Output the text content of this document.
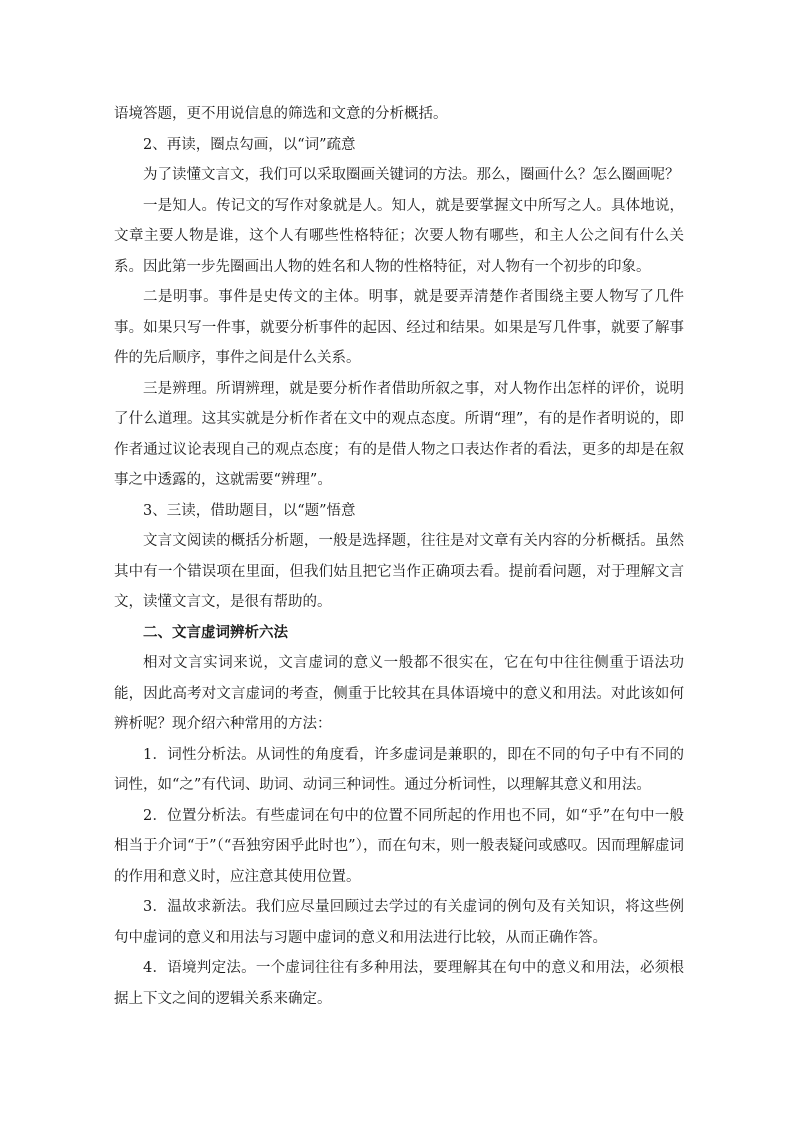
语境答题，更不用说信息的筛选和文意的分析概括。

2、再读，圈点勾画，以“词”疏意

为了读懂文言文，我们可以采取圈画关键词的方法。那么，圈画什么？怎么圈画呢？

一是知人。传记文的写作对象就是人。知人，就是要掌握文中所写之人。具体地说，文章主要人物是谁，这个人有哪些性格特征；次要人物有哪些，和主人公之间有什么关系。因此第一步先圈画出人物的姓名和人物的性格特征，对人物有一个初步的印象。

二是明事。事件是史传文的主体。明事，就是要弄清楚作者围绕主要人物写了几件事。如果只写一件事，就要分析事件的起因、经过和结果。如果是写几件事，就要了解事件的先后顺序，事件之间是什么关系。

三是辨理。所谓辨理，就是要分析作者借助所叙之事，对人物作出怎样的评价，说明了什么道理。这其实就是分析作者在文中的观点态度。所谓“理”，有的是作者明说的，即作者通过议论表现自己的观点态度；有的是借人物之口表达作者的看法，更多的却是在叙事之中透露的，这就需要“辨理”。

3、三读，借助题目，以“题”悟意

文言文阅读的概括分析题，一般是选择题，往往是对文章有关内容的分析概括。虽然其中有一个错误项在里面，但我们姑且把它当作正确项去看。提前看问题，对于理解文言文，读懂文言文，是很有帮助的。

二、文言虚词辨析六法

相对文言实词来说，文言虚词的意义一般都不很实在，它在句中往往侧重于语法功能，因此高考对文言虚词的考查，侧重于比较其在具体语境中的意义和用法。对此该如何辨析呢？现介绍六种常用的方法：

1．词性分析法。从词性的角度看，许多虚词是兼职的，即在不同的句子中有不同的词性，如“之”有代词、助词、动词三种词性。通过分析词性，以理解其意义和用法。

2．位置分析法。有些虚词在句中的位置不同所起的作用也不同，如“乎”在句中一般相当于介词“于”（“吾独穷困乎此时也”），而在句末，则一般表疑问或感叹。因而理解虚词的作用和意义时，应注意其使用位置。

3．温故求新法。我们应尽量回顾过去学过的有关虚词的例句及有关知识，将这些例句中虚词的意义和用法与习题中虚词的意义和用法进行比较，从而正确作答。

4．语境判定法。一个虚词往往有多种用法，要理解其在句中的意义和用法，必须根据上下文之间的逻辑关系来确定。
